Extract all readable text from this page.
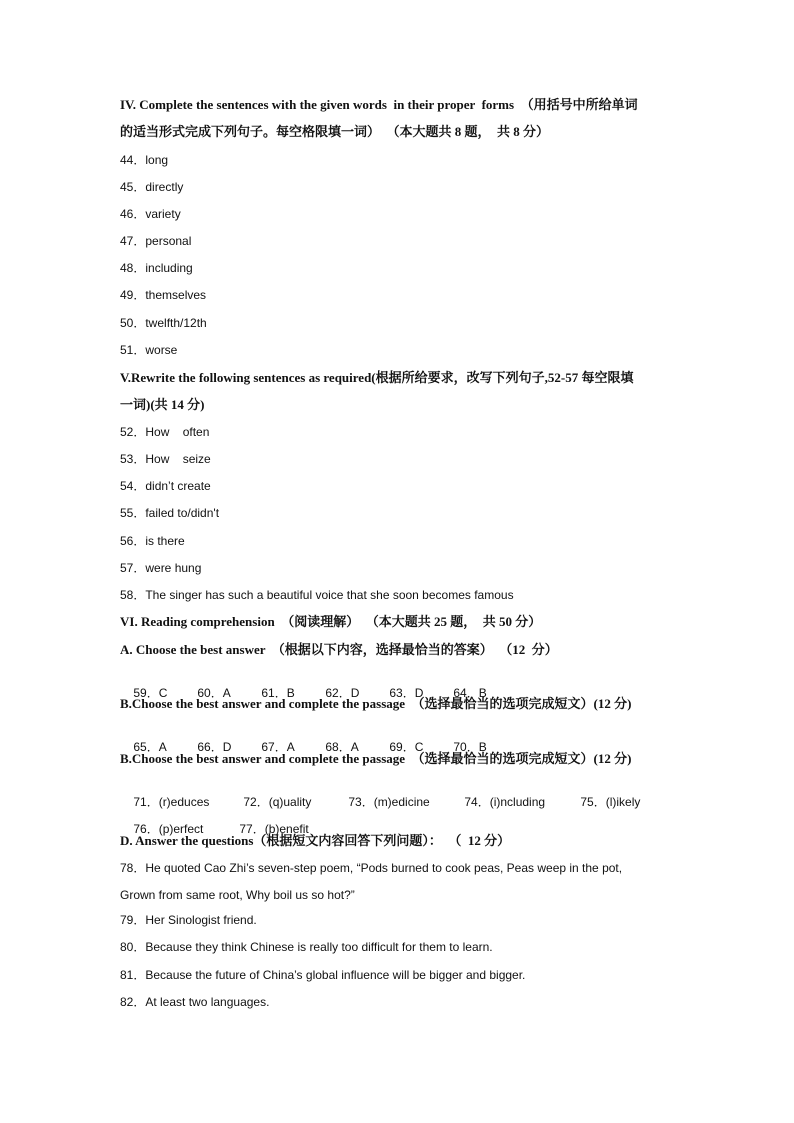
IV. Complete the sentences with the given words  in their proper  forms  （用括号中所给单词
的适当形式完成下列句子。每空格限填一词）  （本大题共 8 题，  共 8 分）
44．long
45．directly
46．variety
47．personal
48．including
49．themselves
50．twelfth/12th
51．worse
V.Rewrite the following sentences as required(根据所给要求，改写下列句子,52-57 每空限填
一词)(共 14 分)
52．How    often
53．How    seize
54．didn’t create
55．failed to/didn't
56．is there
57．were hung
58．The singer has such a beautiful voice that she soon becomes famous
VI. Reading comprehension  （阅读理解）  （本大题共 25 题，  共 50 分）
A. Choose the best answer  （根据以下内容，选择最恰当的答案）  （12  分）

59．C 60．A	61．B	62．D 63．D 64．B

B.Choose the best answer and complete the passage  （选择最恰当的选项完成短文）(12 分)

65．A	66．D 67．A	68．A	69．C 70．B

B.Choose the best answer and complete the passage  （选择最恰当的选项完成短文）(12 分)

71．(r)educes	72．(q)uality	73．(m)edicine	74．(i)ncluding	75．(l)ikely

76．(p)erfect	77．(b)enefit

D. Answer the questions（根据短文内容回答下列问题）：  （  12 分）
78．He quoted Cao Zhi’s seven-step poem, “Pods burned to cook peas, Peas weep in the pot,
Grown from same root, Why boil us so hot?”
79．Her Sinologist friend.
80．Because they think Chinese is really too difficult for them to learn.
81．Because the future of China’s global influence will be bigger and bigger.
82．At least two languages.
